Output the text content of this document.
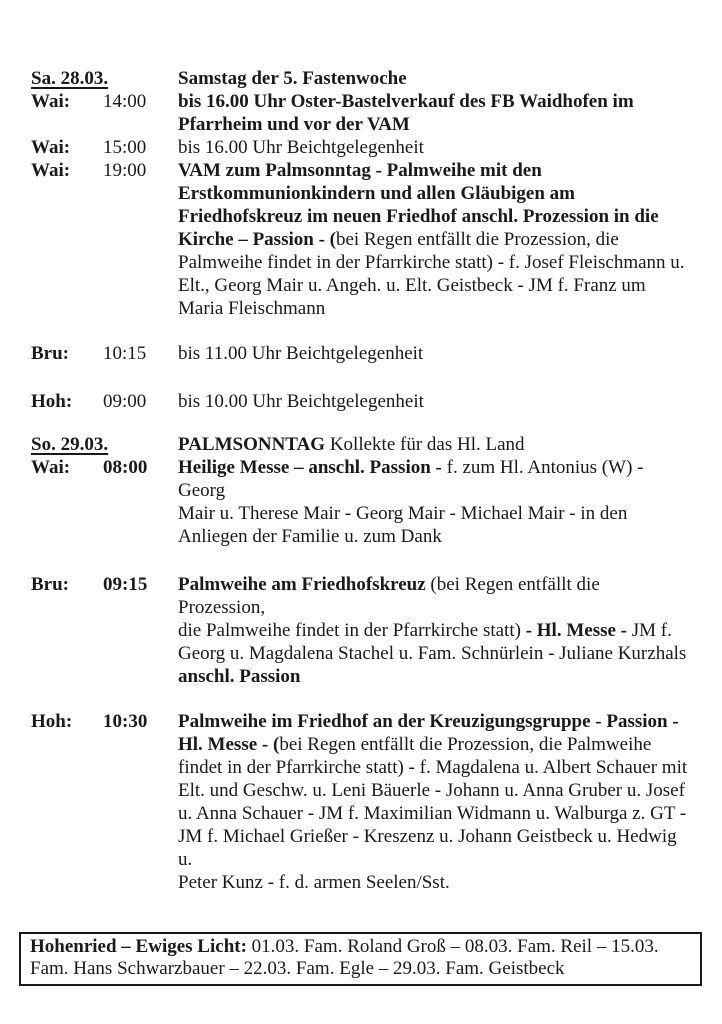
Sa. 28.03.	Samstag der 5. Fastenwoche
Wai:	14:00	bis 16.00 Uhr Oster-Bastelverkauf des FB Waidhofen im
Pfarrheim und vor der VAM
Wai:	15:00	bis 16.00 Uhr Beichtgelegenheit
Wai:	19:00	VAM zum Palmsonntag - Palmweihe mit den
Erstkommunionkindern und allen Gläubigen am
Friedhofskreuz im neuen Friedhof anschl. Prozession in die
Kirche – Passion - (bei Regen entfällt die Prozession, die
Palmweihe findet in der Pfarrkirche statt) - f. Josef Fleischmann u.
Elt., Georg Mair u. Angeh. u. Elt. Geistbeck - JM f. Franz um
Maria Fleischmann
Bru:	10:15	bis 11.00 Uhr Beichtgelegenheit
Hoh:	09:00	bis 10.00 Uhr Beichtgelegenheit
So. 29.03.	PALMSONNTAG Kollekte für das Hl. Land
Wai:	08:00	Heilige Messe – anschl. Passion - f. zum Hl. Antonius (W) - Georg
Mair u. Therese Mair - Georg Mair - Michael Mair - in den
Anliegen der Familie u. zum Dank
Bru:	09:15	Palmweihe am Friedhofskreuz (bei Regen entfällt die Prozession,
die Palmweihe findet in der Pfarrkirche statt) - Hl. Messe - JM f.
Georg u. Magdalena Stachel u. Fam. Schnürlein - Juliane Kurzhals
anschl. Passion
Hoh:	10:30	Palmweihe im Friedhof an der Kreuzigungsgruppe - Passion -
Hl. Messe - (bei Regen entfällt die Prozession, die Palmweihe
findet in der Pfarrkirche statt) - f. Magdalena u. Albert Schauer mit
Elt. und Geschw. u. Leni Bäuerle - Johann u. Anna Gruber u. Josef
u. Anna Schauer - JM f. Maximilian Widmann u. Walburga z. GT -
JM f. Michael Grießer - Kreszenz u. Johann Geistbeck u. Hedwig u.
Peter Kunz - f. d. armen Seelen/Sst.
Hohenried – Ewiges Licht: 01.03. Fam. Roland Groß – 08.03. Fam. Reil – 15.03.
Fam. Hans Schwarzbauer – 22.03. Fam. Egle – 29.03. Fam. Geistbeck
